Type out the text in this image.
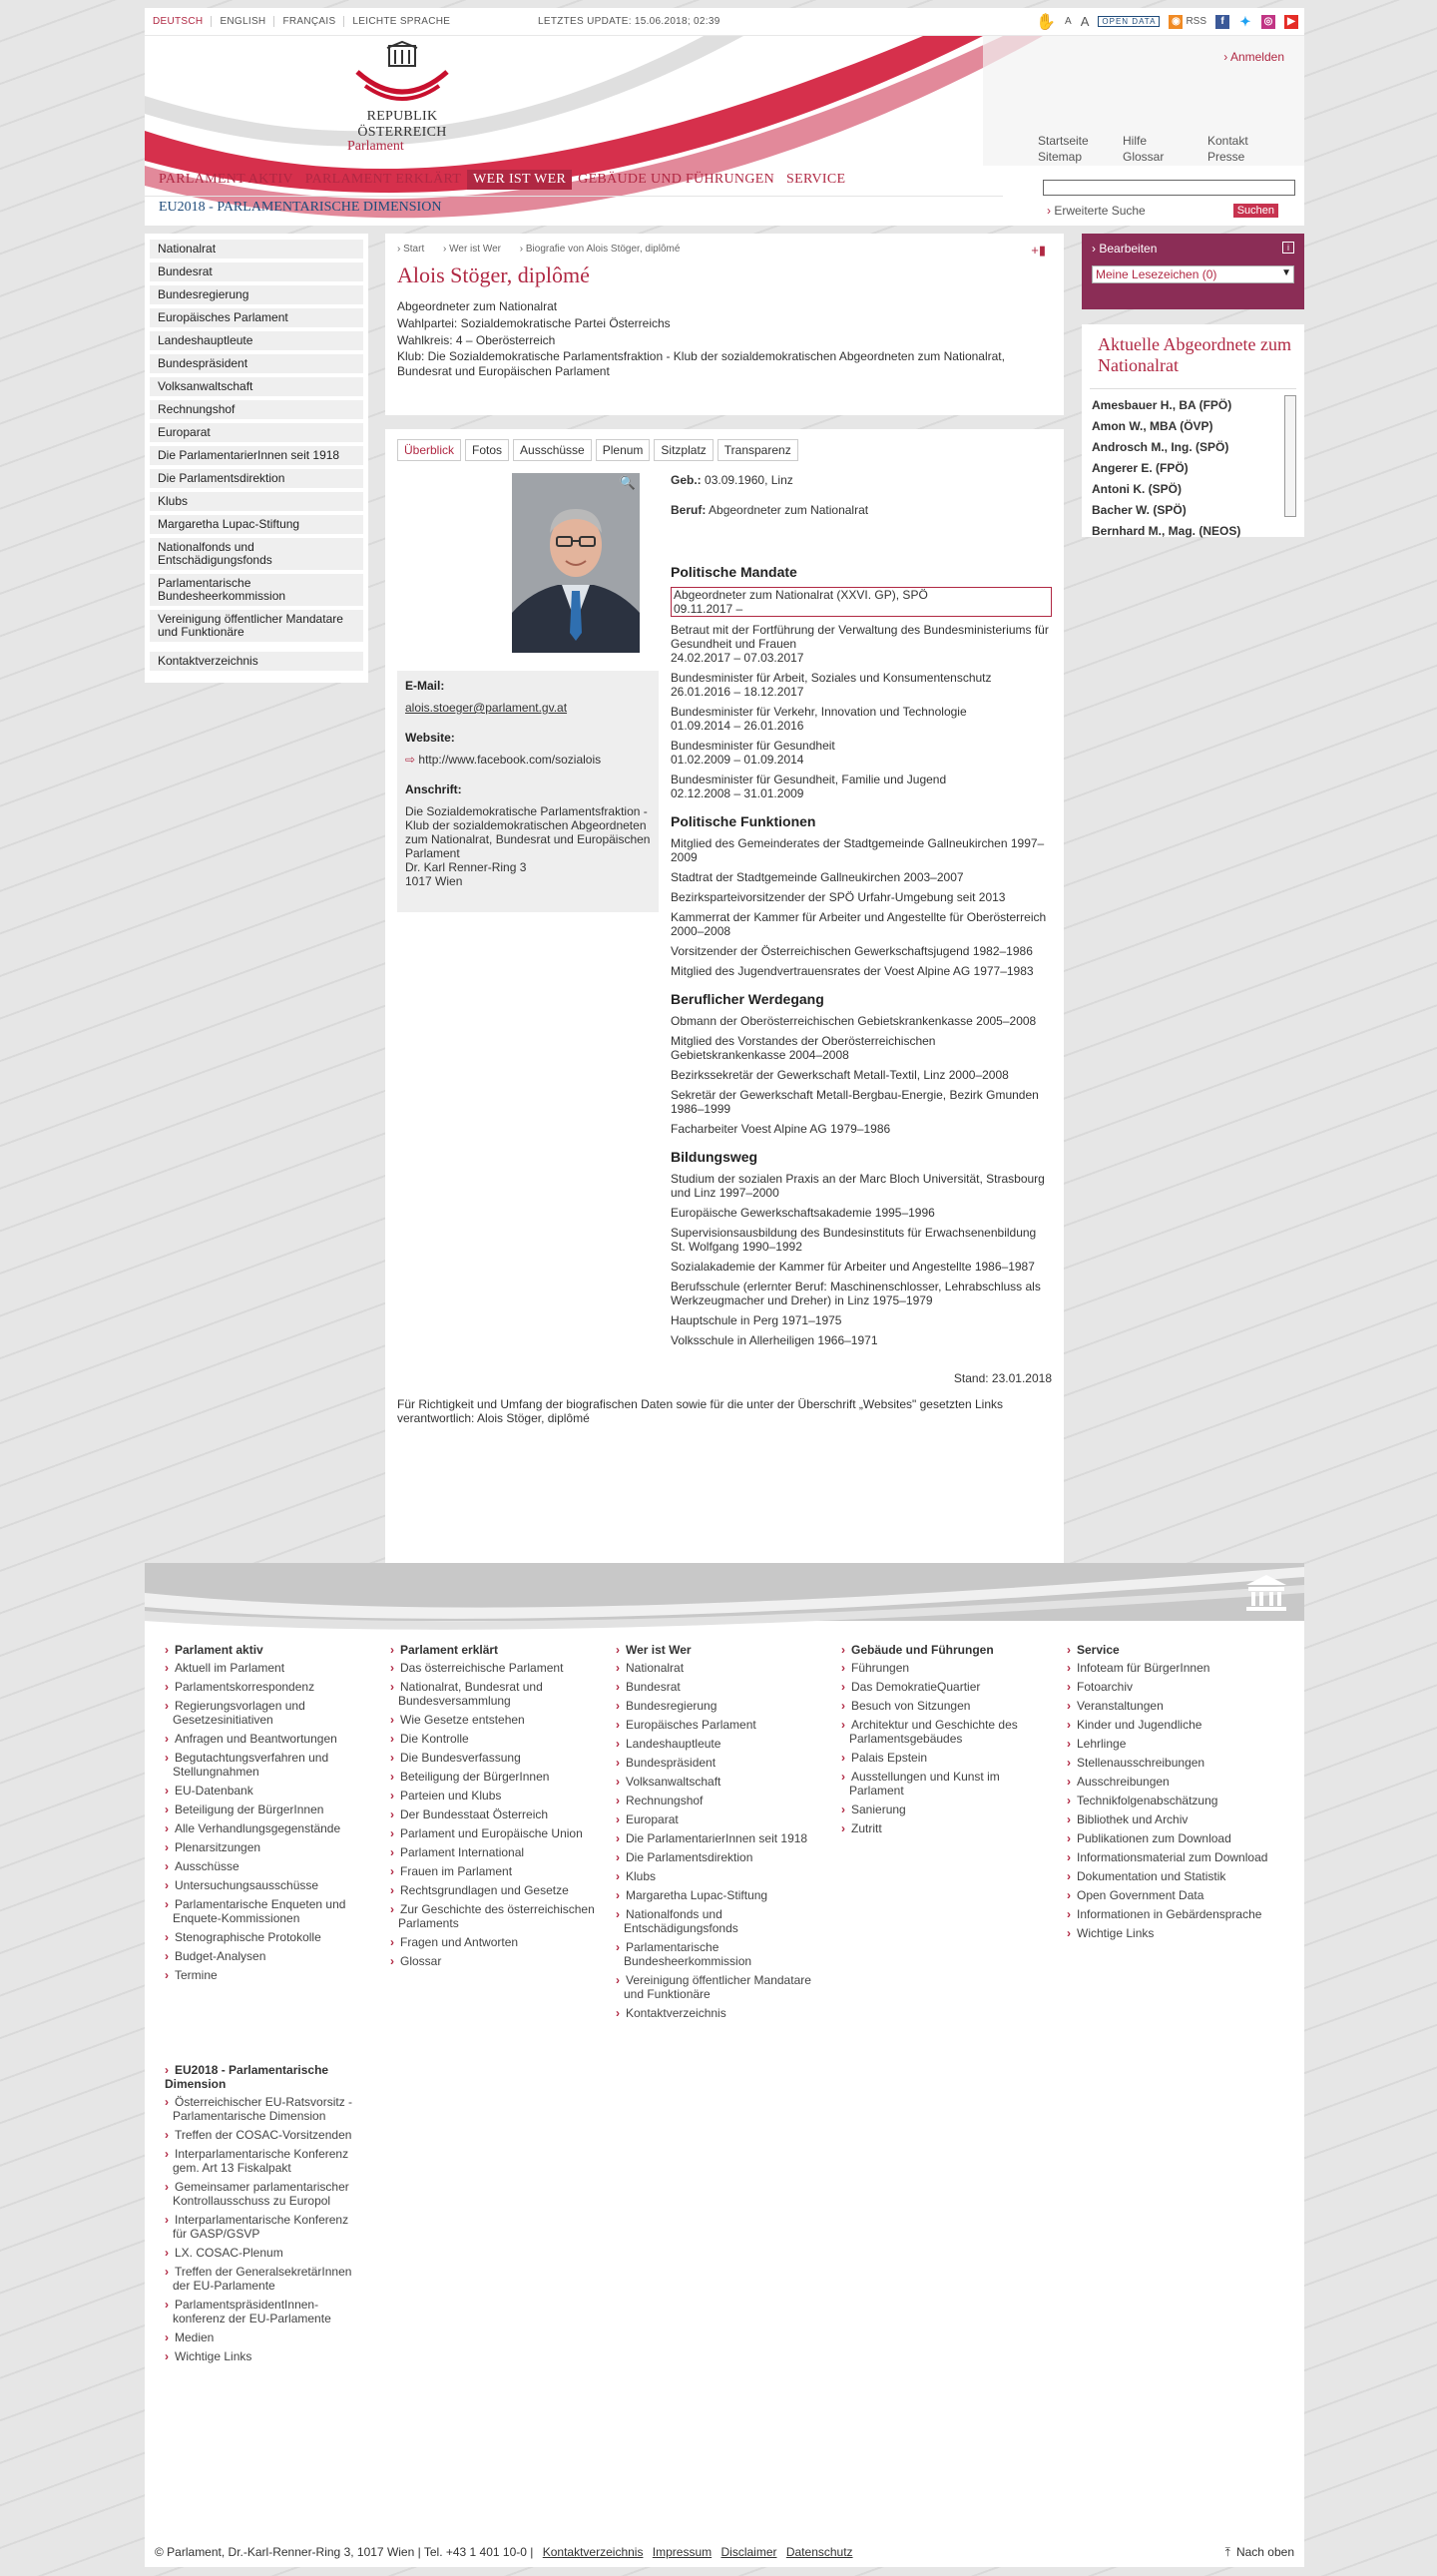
DEUTSCH	ENGLISH	FRANÇAIS	LEICHTE SPRACHE	LETZTES UPDATE: 15.06.2018; 02:39	✋ A A	OPEN DATA	◉ RSS	f	✦ ◎	▶
REPUBLIK ÖSTERREICH
Parlament
› Anmelden
Startseite	Hilfe	Kontakt
Sitemap	Glossar	Presse
PARLAMENT AKTIV PARLAMENT ERKLÄRT WER IST WER GEBÄUDE UND FÜHRUNGEN SERVICE
EU2018 - PARLAMENTARISCHE DIMENSION	› Erweiterte Suche	Suchen
Nationalrat
Bundesrat
Bundesregierung
Europäisches Parlament
Landeshauptleute
Bundespräsident
Volksanwaltschaft
Rechnungshof
Europarat
Die ParlamentarierInnen seit 1918
Die Parlamentsdirektion
Klubs
Margaretha Lupac-Stiftung
Nationalfonds und Entschädigungsfonds
Parlamentarische Bundesheerkommission
Vereinigung öffentlicher Mandatare und Funktionäre
Kontaktverzeichnis
› Start › Wer ist Wer › Biografie von Alois Stöger, diplômé	+▮
Alois Stöger, diplômé
Abgeordneter zum Nationalrat
Wahlpartei: Sozialdemokratische Partei Österreichs
Wahlkreis: 4 – Oberösterreich
Klub: Die Sozialdemokratische Parlamentsfraktion - Klub der sozialdemokratischen Abgeordneten zum Nationalrat, Bundesrat und Europäischen Parlament
Überblick	Fotos	Ausschüsse	Plenum	Sitzplatz	Transparenz
🔍
E-Mail:
alois.stoeger@parlament.gv.at
Website:
⇨ http://www.facebook.com/sozialois
Anschrift:
Die Sozialdemokratische Parlamentsfraktion - Klub der sozialdemokratischen Abgeordneten zum Nationalrat, Bundesrat und Europäischen Parlament
Dr. Karl Renner-Ring 3
1017 Wien
Geb.: 03.09.1960, Linz
Beruf: Abgeordneter zum Nationalrat
Politische Mandate
Abgeordneter zum Nationalrat (XXVI. GP), SPÖ
09.11.2017 –
Betraut mit der Fortführung der Verwaltung des Bundesministeriums für Gesundheit und Frauen
24.02.2017 – 07.03.2017
Bundesminister für Arbeit, Soziales und Konsumentenschutz
26.01.2016 – 18.12.2017
Bundesminister für Verkehr, Innovation und Technologie
01.09.2014 – 26.01.2016
Bundesminister für Gesundheit
01.02.2009 – 01.09.2014
Bundesminister für Gesundheit, Familie und Jugend
02.12.2008 – 31.01.2009
Politische Funktionen
Mitglied des Gemeinderates der Stadtgemeinde Gallneukirchen 1997–2009
Stadtrat der Stadtgemeinde Gallneukirchen 2003–2007
Bezirksparteivorsitzender der SPÖ Urfahr-Umgebung seit 2013
Kammerrat der Kammer für Arbeiter und Angestellte für Oberösterreich 2000–2008
Vorsitzender der Österreichischen Gewerkschaftsjugend 1982–1986
Mitglied des Jugendvertrauensrates der Voest Alpine AG 1977–1983
Beruflicher Werdegang
Obmann der Oberösterreichischen Gebietskrankenkasse 2005–2008
Mitglied des Vorstandes der Oberösterreichischen Gebietskrankenkasse 2004–2008
Bezirkssekretär der Gewerkschaft Metall-Textil, Linz 2000–2008
Sekretär der Gewerkschaft Metall-Bergbau-Energie, Bezirk Gmunden 1986–1999
Facharbeiter Voest Alpine AG 1979–1986
Bildungsweg
Studium der sozialen Praxis an der Marc Bloch Universität, Strasbourg und Linz 1997–2000
Europäische Gewerkschaftsakademie 1995–1996
Supervisionsausbildung des Bundesinstituts für Erwachsenenbildung St. Wolfgang 1990–1992
Sozialakademie der Kammer für Arbeiter und Angestellte 1986–1987
Berufsschule (erlernter Beruf: Maschinenschlosser, Lehrabschluss als Werkzeugmacher und Dreher) in Linz 1975–1979
Hauptschule in Perg 1971–1975
Volksschule in Allerheiligen 1966–1971
Stand: 23.01.2018
Für Richtigkeit und Umfang der biografischen Daten sowie für die unter der Überschrift „Websites" gesetzten Links verantwortlich: Alois Stöger, diplômé
› Bearbeiten	i
Meine Lesezeichen (0)	▼
Aktuelle Abgeordnete zum Nationalrat
Amesbauer H., BA (FPÖ)
Amon W., MBA (ÖVP)
Androsch M., Ing. (SPÖ)
Angerer E. (FPÖ)
Antoni K. (SPÖ)
Bacher W. (SPÖ)
Bernhard M., Mag. (NEOS)
› Parlament aktiv
› Aktuell im Parlament
› Parlamentskorrespondenz
› Regierungsvorlagen und Gesetzesinitiativen
› Anfragen und Beantwortungen
› Begutachtungsverfahren und Stellungnahmen
› EU-Datenbank
› Beteiligung der BürgerInnen
› Alle Verhandlungsgegenstände
› Plenarsitzungen
› Ausschüsse
› Untersuchungsausschüsse
› Parlamentarische Enqueten und Enquete-Kommissionen
› Stenographische Protokolle
› Budget-Analysen
› Termine
› Parlament erklärt
› Das österreichische Parlament
› Nationalrat, Bundesrat und Bundesversammlung
› Wie Gesetze entstehen
› Die Kontrolle
› Die Bundesverfassung
› Beteiligung der BürgerInnen
› Parteien und Klubs
› Der Bundesstaat Österreich
› Parlament und Europäische Union
› Parlament International
› Frauen im Parlament
› Rechtsgrundlagen und Gesetze
› Zur Geschichte des österreichischen Parlaments
› Fragen und Antworten
› Glossar
› Wer ist Wer
› Nationalrat
› Bundesrat
› Bundesregierung
› Europäisches Parlament
› Landeshauptleute
› Bundespräsident
› Volksanwaltschaft
› Rechnungshof
› Europarat
› Die ParlamentarierInnen seit 1918
› Die Parlamentsdirektion
› Klubs
› Margaretha Lupac-Stiftung
› Nationalfonds und Entschädigungsfonds
› Parlamentarische Bundesheerkommission
› Vereinigung öffentlicher Mandatare und Funktionäre
› Kontaktverzeichnis
› Gebäude und Führungen
› Führungen
› Das DemokratieQuartier
› Besuch von Sitzungen
› Architektur und Geschichte des Parlamentsgebäudes
› Palais Epstein
› Ausstellungen und Kunst im Parlament
› Sanierung
› Zutritt
› Service
› Infoteam für BürgerInnen
› Fotoarchiv
› Veranstaltungen
› Kinder und Jugendliche
› Lehrlinge
› Stellenausschreibungen
› Ausschreibungen
› Technikfolgenabschätzung
› Bibliothek und Archiv
› Publikationen zum Download
› Informationsmaterial zum Download
› Dokumentation und Statistik
› Open Government Data
› Informationen in Gebärdensprache
› Wichtige Links
› EU2018 - Parlamentarische Dimension
› Österreichischer EU-Ratsvorsitz - Parlamentarische Dimension
› Treffen der COSAC-Vorsitzenden
› Interparlamentarische Konferenz gem. Art 13 Fiskalpakt
› Gemeinsamer parlamentarischer Kontrollausschuss zu Europol
› Interparlamentarische Konferenz für GASP/GSVP
› LX. COSAC-Plenum
› Treffen der GeneralsekretärInnen der EU-Parlamente
› ParlamentspräsidentInnen-konferenz der EU-Parlamente
› Medien
› Wichtige Links
© Parlament, Dr.-Karl-Renner-Ring 3, 1017 Wien | Tel. +43 1 401 10-0 | Kontaktverzeichnis Impressum Disclaimer Datenschutz	⤒ Nach oben
